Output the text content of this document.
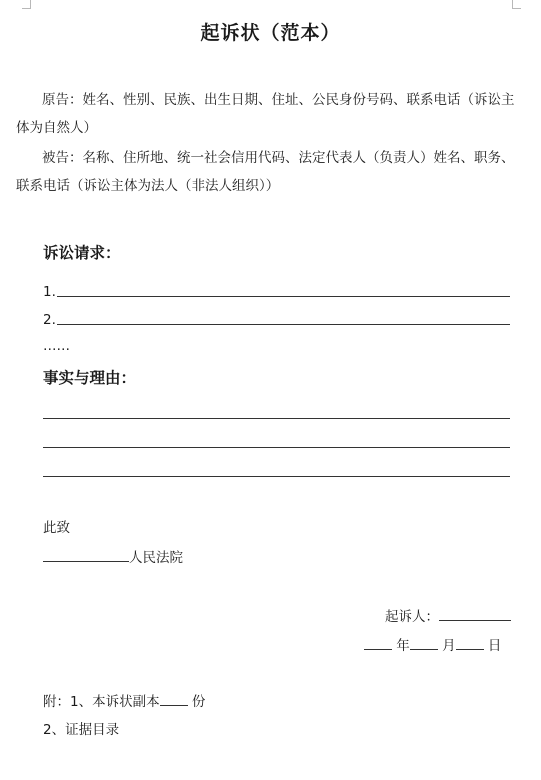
起诉状（范本）
原告：姓名、性别、民族、出生日期、住址、公民身份号码、联系电话（诉讼主体为自然人）
被告：名称、住所地、统一社会信用代码、法定代表人（负责人）姓名、职务、联系电话（诉讼主体为法人（非法人组织））
诉讼请求：
1.
2.
……
事实与理由：
此致
人民法院
起诉人：
年 月 日
附：1、本诉状副本 份
2、证据目录
